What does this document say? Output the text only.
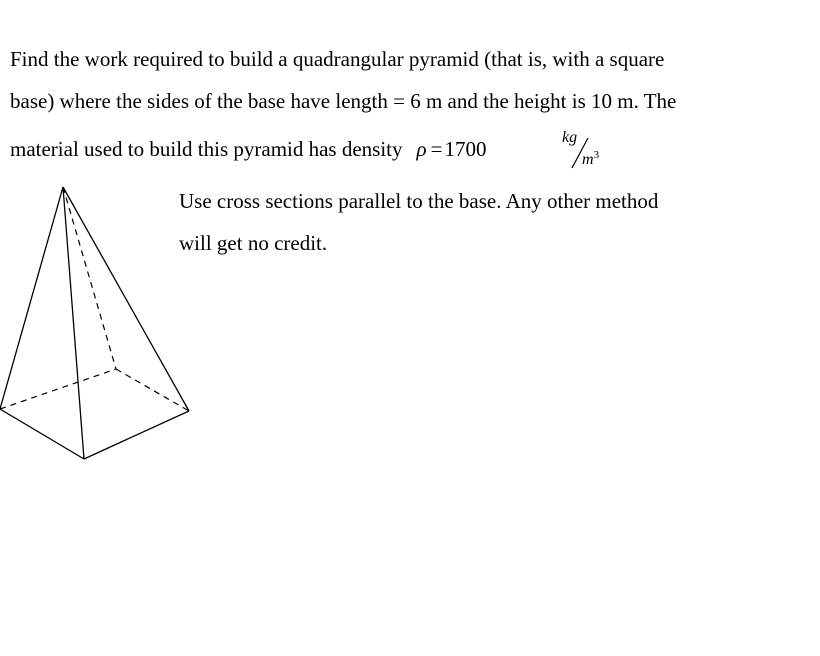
Find the work required to build a quadrangular pyramid (that is, with a square
base) where the sides of the base have length = 6 m and the height is 10 m. The
material used to build this pyramid has density ρ =1700	kg
$m^3$
Use cross sections parallel to the base. Any other method
will get no credit.
